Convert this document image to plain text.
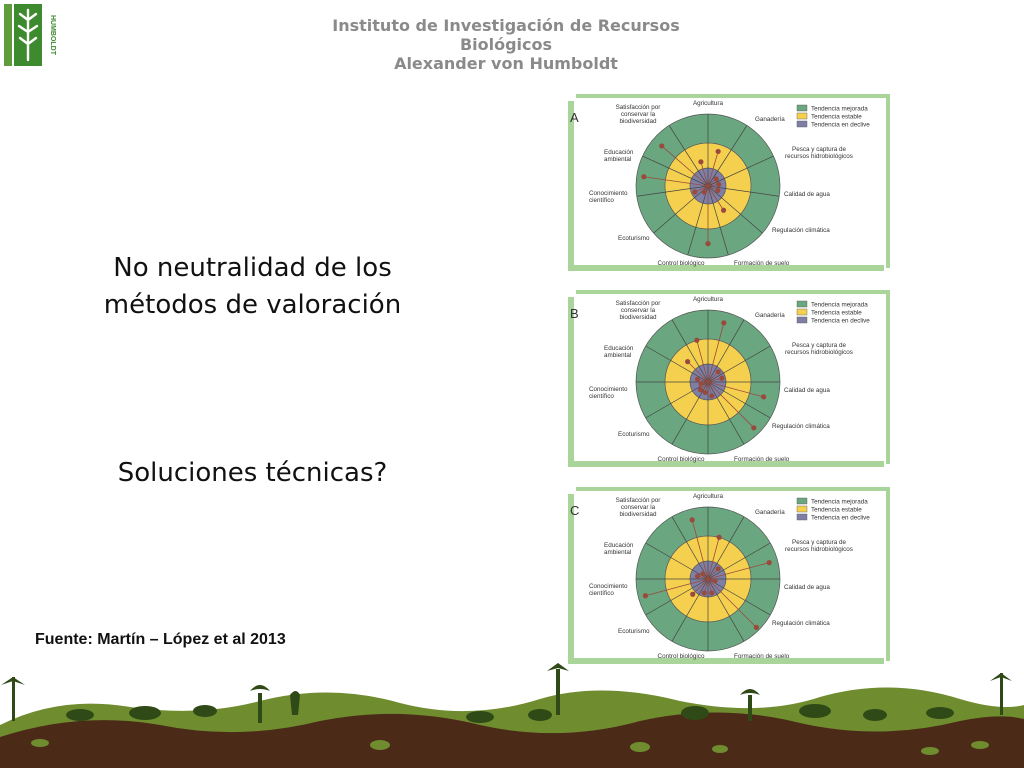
HUMBOLDT	Instituto de Investigación de Recursos Biológicos
Alexander von Humboldt
No neutralidad de los
métodos de valoración
Soluciones técnicas?
Fuente: Martín – López et al 2013
A
Tendencia mejorada
Tendencia estable
Tendencia en declive
Agricultura
Ganadería
Pesca y captura de recursos hidrobiológicos
Calidad de agua
Regulación climática
Formación de suelo
Control biológico
Ecoturismo
Conocimiento científico
Educación ambiental
Satisfacción por conservar la biodiversidad
B
Tendencia mejorada
Tendencia estable
Tendencia en declive
Agricultura
Ganadería
Pesca y captura de recursos hidrobiológicos
Calidad de agua
Regulación climática
Formación de suelo
Control biológico
Ecoturismo
Conocimiento científico
Educación ambiental
Satisfacción por conservar la biodiversidad
C
Tendencia mejorada
Tendencia estable
Tendencia en declive
Agricultura
Ganadería
Pesca y captura de recursos hidrobiológicos
Calidad de agua
Regulación climática
Formación de suelo
Control biológico
Ecoturismo
Conocimiento científico
Educación ambiental
Satisfacción por conservar la biodiversidad
